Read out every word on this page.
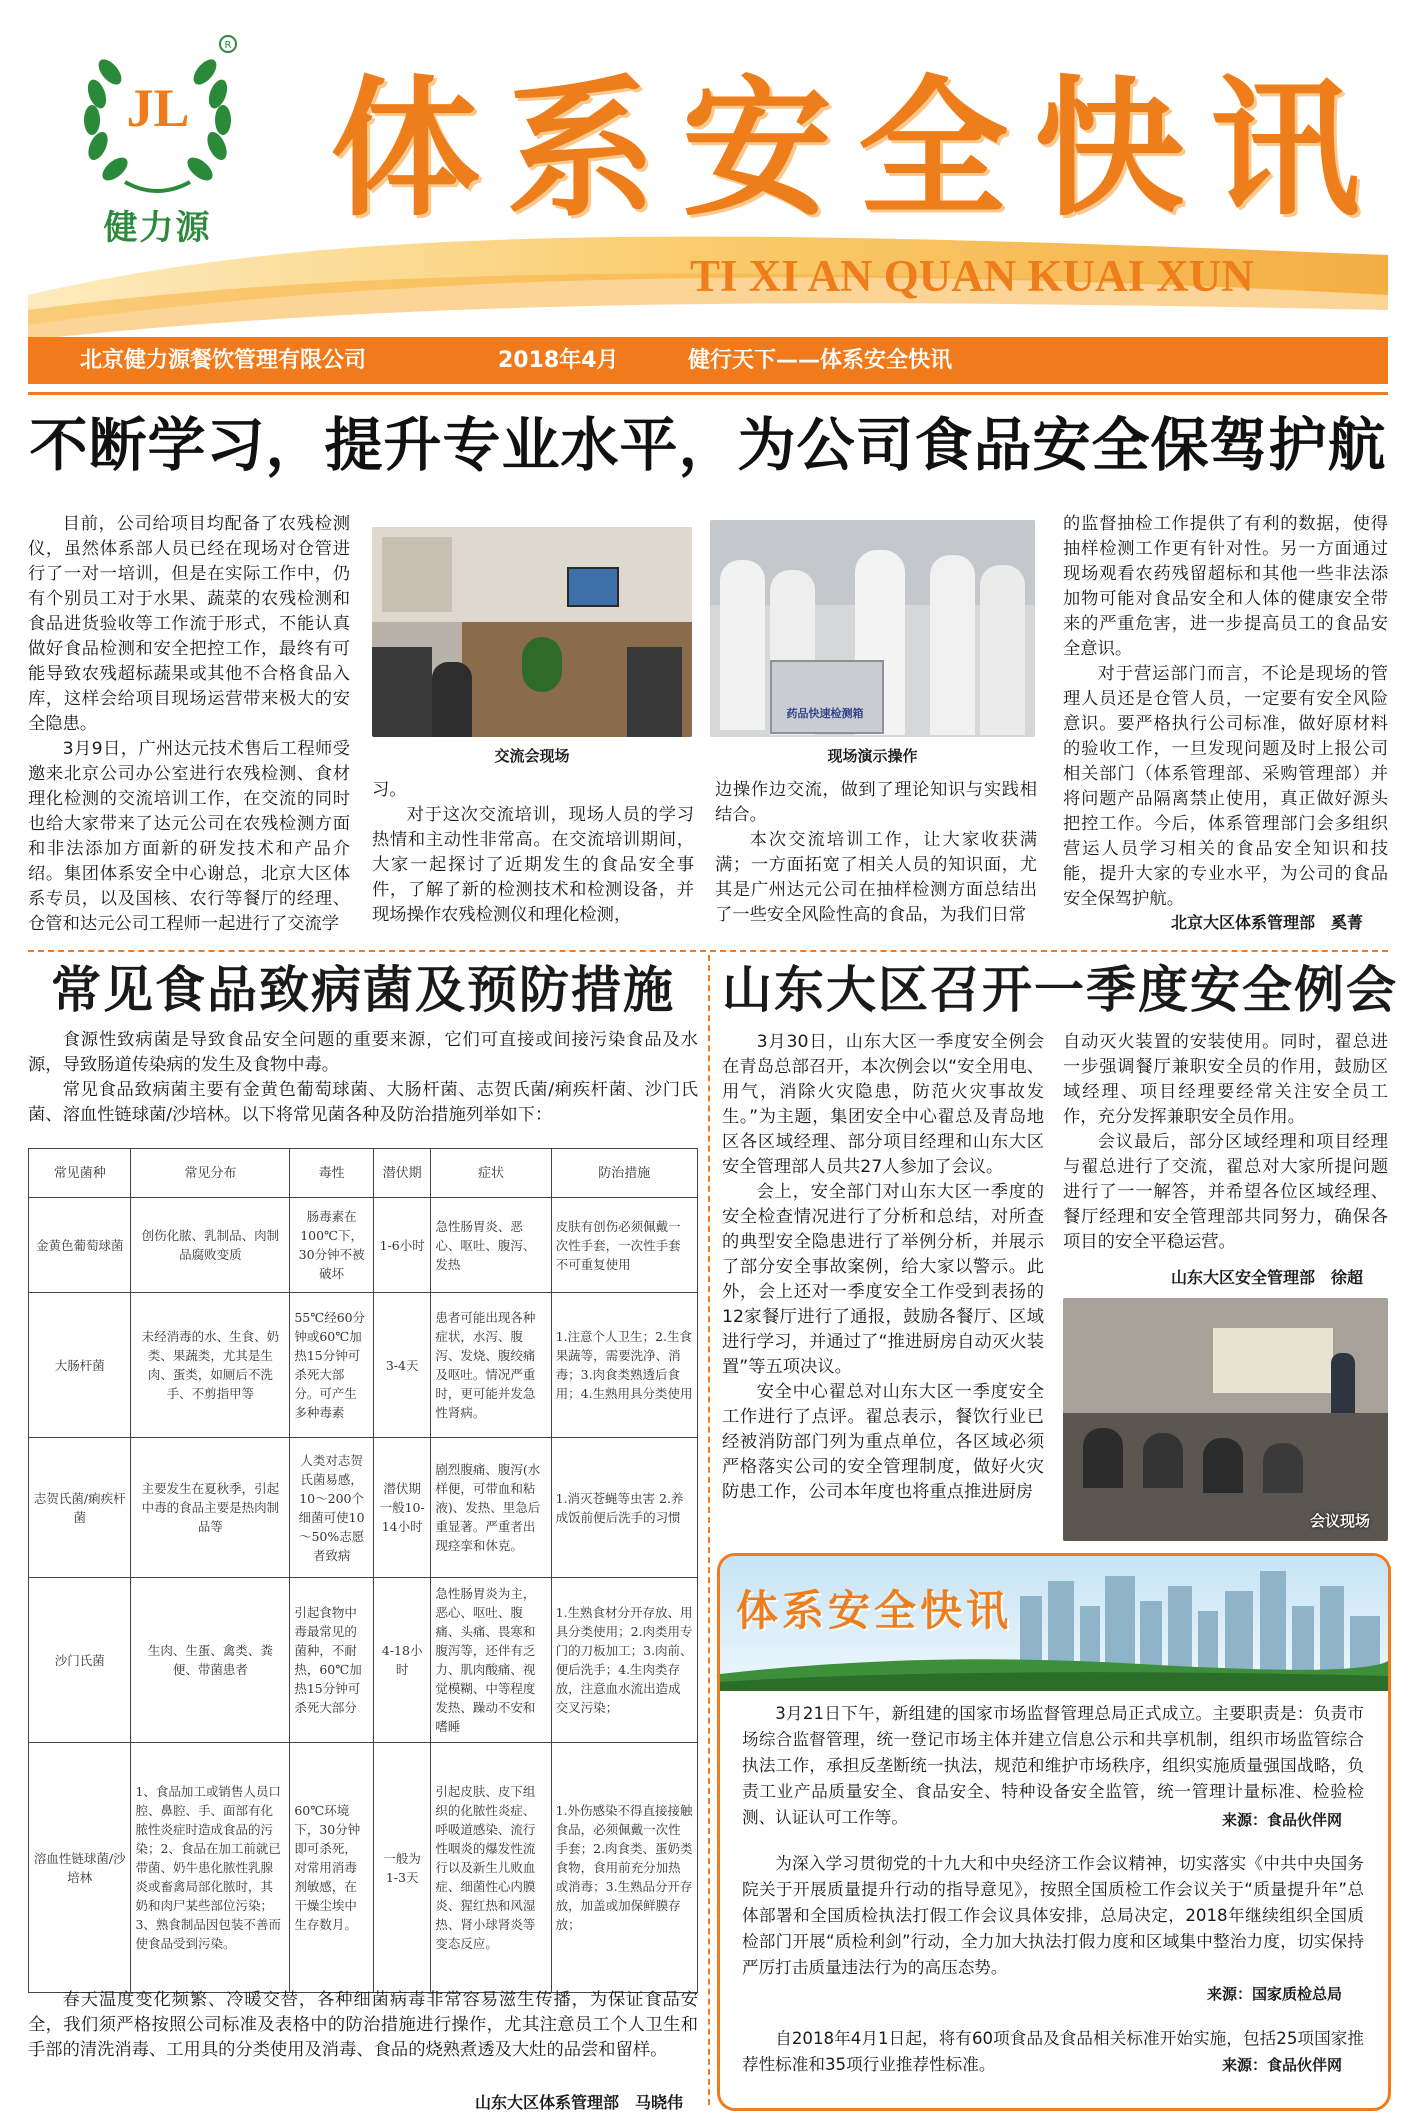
R
JL
健力源 体系安全快讯
TI XI AN QUAN KUAI XUN
北京健力源餐饮管理有限公司	2018年4月	健行天下——体系安全快讯
不断学习，提升专业水平，为公司食品安全保驾护航

目前，公司给项目均配备了农残检测仪，虽然体系部人员已经在现场对仓管进行了一对一培训，但是在实际工作中，仍有个别员工对于水果、蔬菜的农残检测和食品进货验收等工作流于形式，不能认真做好食品检测和安全把控工作，最终有可能导致农残超标蔬果或其他不合格食品入库，这样会给项目现场运营带来极大的安全隐患。

3月9日，广州达元技术售后工程师受邀来北京公司办公室进行农残检测、食材理化检测的交流培训工作，在交流的同时也给大家带来了达元公司在农残检测方面和非法添加方面新的研发技术和产品介绍。集团体系安全中心谢总，北京大区体系专员，以及国核、农行等餐厅的经理、仓管和达元公司工程师一起进行了交流学

交流会现场
药品快速检测箱
现场演示操作

习。

对于这次交流培训，现场人员的学习热情和主动性非常高。在交流培训期间，大家一起探讨了近期发生的食品安全事件，了解了新的检测技术和检测设备，并现场操作农残检测仪和理化检测，

边操作边交流，做到了理论知识与实践相结合。

本次交流培训工作，让大家收获满满；一方面拓宽了相关人员的知识面，尤其是广州达元公司在抽样检测方面总结出了一些安全风险性高的食品，为我们日常

的监督抽检工作提供了有利的数据，使得抽样检测工作更有针对性。另一方面通过现场观看农药残留超标和其他一些非法添加物可能对食品安全和人体的健康安全带来的严重危害，进一步提高员工的食品安全意识。

对于营运部门而言，不论是现场的管理人员还是仓管人员，一定要有安全风险意识。要严格执行公司标准，做好原材料的验收工作，一旦发现问题及时上报公司相关部门（体系管理部、采购管理部）并将问题产品隔离禁止使用，真正做好源头把控工作。今后，体系管理部门会多组织营运人员学习相关的食品安全知识和技能，提升大家的专业水平，为公司的食品安全保驾护航。

北京大区体系管理部　奚菁
常见食品致病菌及预防措施

食源性致病菌是导致食品安全问题的重要来源，它们可直接或间接污染食品及水源，导致肠道传染病的发生及食物中毒。

常见食品致病菌主要有金黄色葡萄球菌、大肠杆菌、志贺氏菌/痢疾杆菌、沙门氏菌、溶血性链球菌/沙培林。以下将常见菌各种及防治措施列举如下：

常见菌种	常见分布	毒性	潜伏期	症状	防治措施
金黄色葡萄球菌	创伤化脓、乳制品、肉制品腐败变质	肠毒素在100℃下，30分钟不被破坏	1-6小时	急性肠胃炎、恶心、呕吐、腹泻、发热	皮肤有创伤必须佩戴一次性手套，一次性手套不可重复使用
大肠杆菌	未经消毒的水、生食、奶类、果蔬类，尤其是生肉、蛋类，如厕后不洗手、不剪指甲等	55℃经60分钟或60℃加热15分钟可杀死大部分。可产生多种毒素	3-4天	患者可能出现各种症状，水泻、腹泻、发烧、腹绞痛及呕吐。情况严重时，更可能并发急性肾病。	1.注意个人卫生；2.生食果蔬等，需要洗净、消毒；3.肉食类熟透后食用；4.生熟用具分类使用
志贺氏菌/痢疾杆菌	主要发生在夏秋季，引起中毒的食品主要是热肉制品等	人类对志贺氏菌易感，10～200个细菌可使10～50%志愿者致病	潜伏期一般10-14小时	剧烈腹痛、腹泻(水样便，可带血和粘液)、发热、里急后重显著。严重者出现痉挛和休克。	1.消灭苍蝇等虫害 2.养成饭前便后洗手的习惯
沙门氏菌	生肉、生蛋、禽类、粪便、带菌患者	引起食物中毒最常见的菌种，不耐热，60℃加热15分钟可杀死大部分	4-18小时	急性肠胃炎为主，恶心、呕吐、腹痛、头痛、畏寒和腹泻等，还伴有乏力、肌肉酸痛、视觉模糊、中等程度发热、躁动不安和嗜睡	1.生熟食材分开存放、用具分类使用；2.肉类用专门的刀板加工；3.肉前、便后洗手；4.生肉类存放，注意血水流出造成交叉污染；
溶血性链球菌/沙培林	1、食品加工或销售人员口腔、鼻腔、手、面部有化脓性炎症时造成食品的污染；2、食品在加工前就已带菌、奶牛患化脓性乳腺炎或畜禽局部化脓时，其奶和肉尸某些部位污染；3、熟食制品因包装不善而使食品受到污染。	60℃环境下，30分钟即可杀死，对常用消毒剂敏感，在干燥尘埃中生存数月。	一般为1-3天	引起皮肤、皮下组织的化脓性炎症、呼吸道感染、流行性咽炎的爆发性流行以及新生儿败血症、细菌性心内膜炎、猩红热和风湿热、肾小球肾炎等变态反应。	1.外伤感染不得直接接触食品，必须佩戴一次性手套；2.肉食类、蛋奶类食物，食用前充分加热或消毒；3.生熟品分开存放，加盖或加保鲜膜存放；

春天温度变化频繁、冷暖交替，各种细菌病毒非常容易滋生传播，为保证食品安全，我们须严格按照公司标准及表格中的防治措施进行操作，尤其注意员工个人卫生和手部的清洗消毒、工用具的分类使用及消毒、食品的烧熟煮透及大灶的品尝和留样。

山东大区体系管理部　马晓伟
山东大区召开一季度安全例会

3月30日，山东大区一季度安全例会在青岛总部召开，本次例会以“安全用电、用气，消除火灾隐患，防范火灾事故发生。”为主题，集团安全中心翟总及青岛地区各区域经理、部分项目经理和山东大区安全管理部人员共27人参加了会议。

会上，安全部门对山东大区一季度的安全检查情况进行了分析和总结，对所查的典型安全隐患进行了举例分析，并展示了部分安全事故案例，给大家以警示。此外，会上还对一季度安全工作受到表扬的12家餐厅进行了通报，鼓励各餐厅、区域进行学习，并通过了“推进厨房自动灭火装置”等五项决议。

安全中心翟总对山东大区一季度安全工作进行了点评。翟总表示，餐饮行业已经被消防部门列为重点单位，各区域必须严格落实公司的安全管理制度，做好火灾防患工作，公司本年度也将重点推进厨房

自动灭火装置的安装使用。同时，翟总进一步强调餐厅兼职安全员的作用，鼓励区域经理、项目经理要经常关注安全员工作，充分发挥兼职安全员作用。

会议最后，部分区域经理和项目经理与翟总进行了交流，翟总对大家所提问题进行了一一解答，并希望各位区域经理、餐厅经理和安全管理部共同努力，确保各项目的安全平稳运营。

山东大区安全管理部　徐超
会议现场
体系安全快讯

3月21日下午，新组建的国家市场监督管理总局正式成立。主要职责是：负责市场综合监督管理，统一登记市场主体并建立信息公示和共享机制，组织市场监管综合执法工作，承担反垄断统一执法，规范和维护市场秩序，组织实施质量强国战略，负责工业产品质量安全、食品安全、特种设备安全监管，统一管理计量标准、检验检测、认证认可工作等。	来源：食品伙伴网

为深入学习贯彻党的十九大和中央经济工作会议精神，切实落实《中共中央国务院关于开展质量提升行动的指导意见》，按照全国质检工作会议关于“质量提升年”总体部署和全国质检执法打假工作会议具体安排，总局决定，2018年继续组织全国质检部门开展“质检利剑”行动，全力加大执法打假力度和区域集中整治力度，切实保持严厉打击质量违法行为的高压态势。

来源：国家质检总局

自2018年4月1日起，将有60项食品及食品相关标准开始实施，包括25项国家推荐性标准和35项行业推荐性标准。	来源：食品伙伴网
